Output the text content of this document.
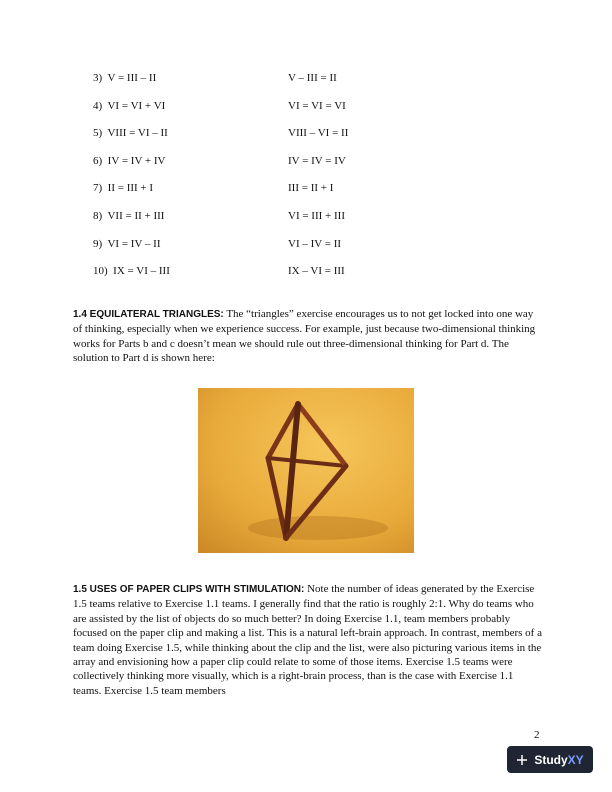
3)  V = III – II	V – III = II
4)  VI = VI + VI	VI = VI = VI
5)  VIII = VI – II	VIII – VI = II
6)  IV = IV + IV	IV = IV = IV
7)  II = III + I	III = II + I
8)  VII = II + III	VI = III + III
9)  VI = IV – II	VI – IV = II
10)  IX = VI – III	IX – VI = III

1.4 EQUILATERAL TRIANGLES: The “triangles” exercise encourages us to not get locked into one way of thinking, especially when we experience success. For example, just because two-dimensional thinking works for Parts b and c doesn’t mean we should rule out three-dimensional thinking for Part d. The solution to Part d is shown here:

1.5 USES OF PAPER CLIPS WITH STIMULATION: Note the number of ideas generated by the Exercise 1.5 teams relative to Exercise 1.1 teams. I generally find that the ratio is roughly 2:1. Why do teams who are assisted by the list of objects do so much better? In doing Exercise 1.1, team members probably focused on the paper clip and making a list. This is a natural left-brain approach. In contrast, members of a team doing Exercise 1.5, while thinking about the clip and the list, were also picturing various items in the array and envisioning how a paper clip could relate to some of those items. Exercise 1.5 teams were collectively thinking more visually, which is a right-brain process, than is the case with Exercise 1.1 teams. Exercise 1.5 team members

2
StudyXY
